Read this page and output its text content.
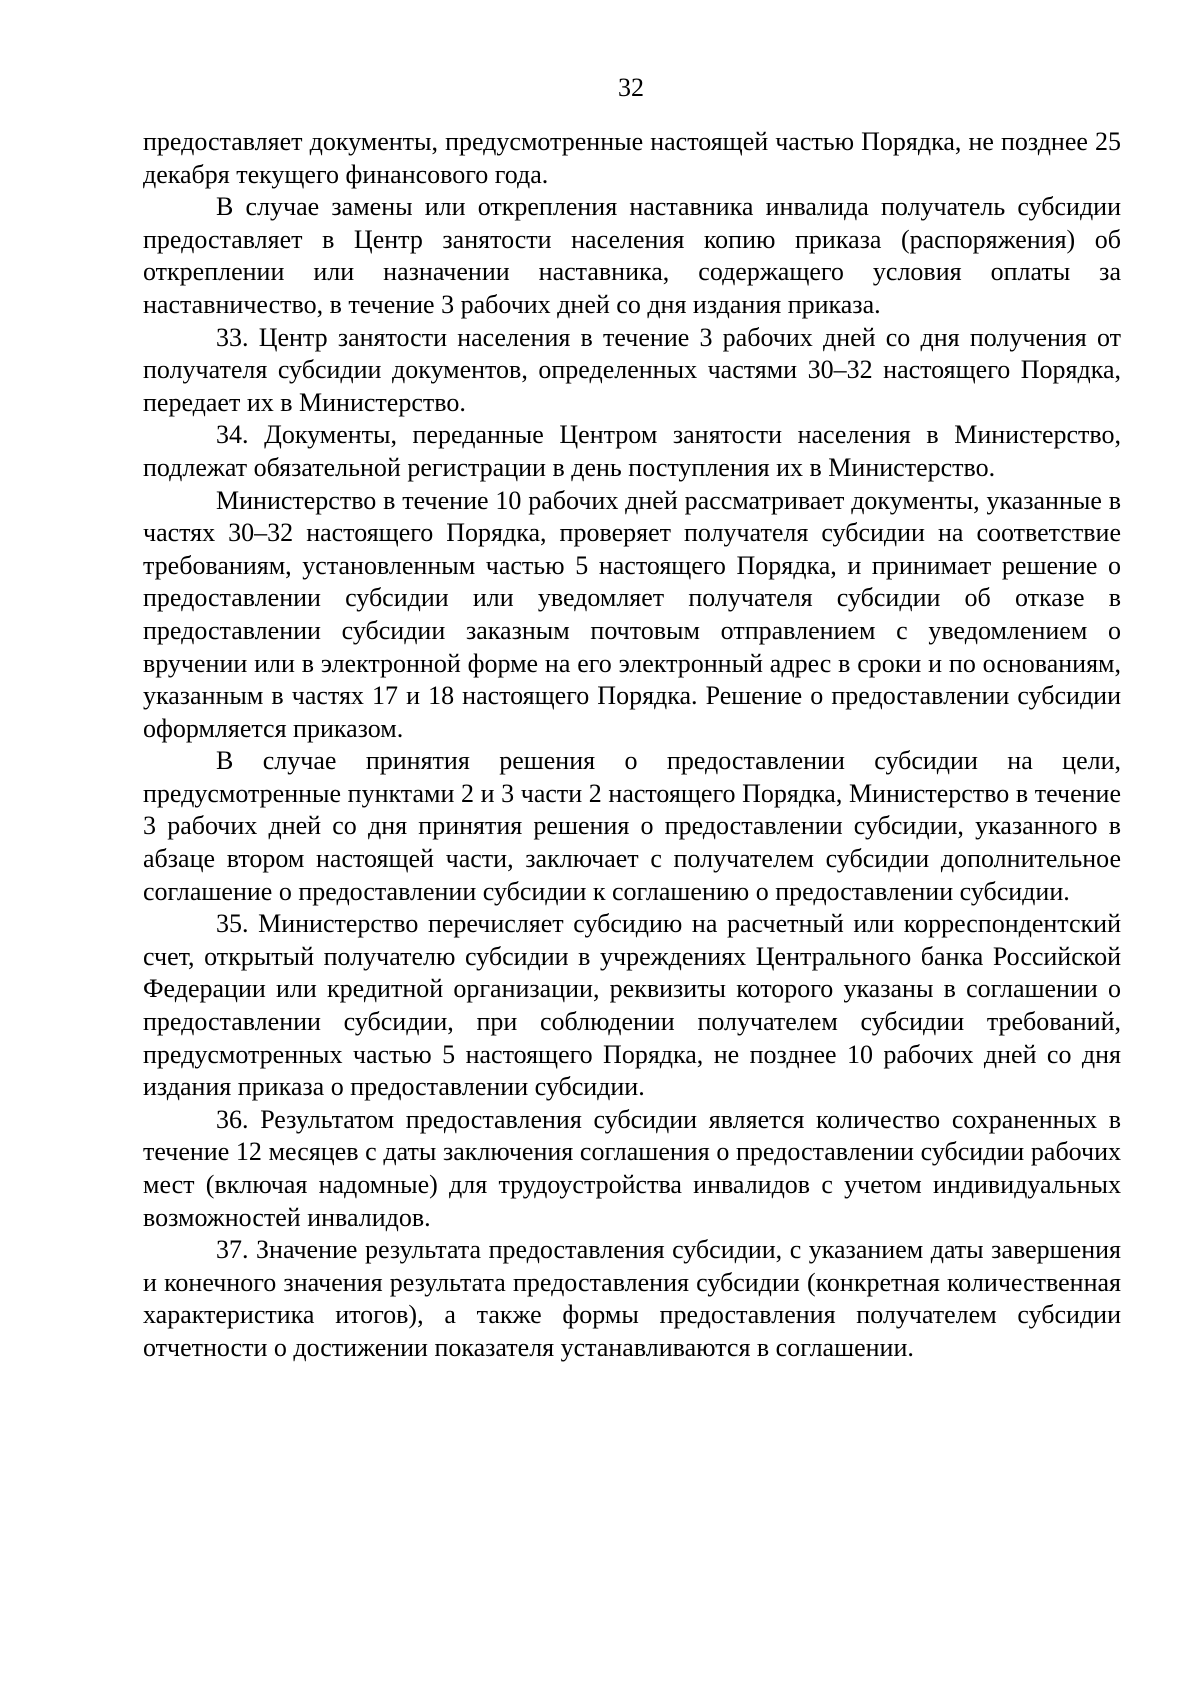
32

предоставляет документы, предусмотренные настоящей частью Порядка, не позднее 25 декабря текущего финансового года.

В случае замены или открепления наставника инвалида получатель субсидии предоставляет в Центр занятости населения копию приказа (распоряжения) об откреплении или назначении наставника, содержащего условия оплаты за наставничество, в течение 3 рабочих дней со дня издания приказа.

33. Центр занятости населения в течение 3 рабочих дней со дня получения от получателя субсидии документов, определенных частями 30–32 настоящего Порядка, передает их в Министерство.

34. Документы, переданные Центром занятости населения в Министерство, подлежат обязательной регистрации в день поступления их в Министерство.

Министерство в течение 10 рабочих дней рассматривает документы, указанные в частях 30–32 настоящего Порядка, проверяет получателя субсидии на соответствие требованиям, установленным частью 5 настоящего Порядка, и принимает решение о предоставлении субсидии или уведомляет получателя субсидии об отказе в предоставлении субсидии заказным почтовым отправлением с уведомлением о вручении или в электронной форме на его электронный адрес в сроки и по основаниям, указанным в частях 17 и 18 настоящего Порядка. Решение о предоставлении субсидии оформляется приказом.

В случае принятия решения о предоставлении субсидии на цели, предусмотренные пунктами 2 и 3 части 2 настоящего Порядка, Министерство в течение 3 рабочих дней со дня принятия решения о предоставлении субсидии, указанного в абзаце втором настоящей части, заключает с получателем субсидии дополнительное соглашение о предоставлении субсидии к соглашению о предоставлении субсидии.

35. Министерство перечисляет субсидию на расчетный или корреспондентский счет, открытый получателю субсидии в учреждениях Центрального банка Российской Федерации или кредитной организации, реквизиты которого указаны в соглашении о предоставлении субсидии, при соблюдении получателем субсидии требований, предусмотренных частью 5 настоящего Порядка, не позднее 10 рабочих дней со дня издания приказа о предоставлении субсидии.

36. Результатом предоставления субсидии является количество сохраненных в течение 12 месяцев с даты заключения соглашения о предоставлении субсидии рабочих мест (включая надомные) для трудоустройства инвалидов с учетом индивидуальных возможностей инвалидов.

37. Значение результата предоставления субсидии, с указанием даты завершения и конечного значения результата предоставления субсидии (конкретная количественная характеристика итогов), а также формы предоставления получателем субсидии отчетности о достижении показателя устанавливаются в соглашении.
